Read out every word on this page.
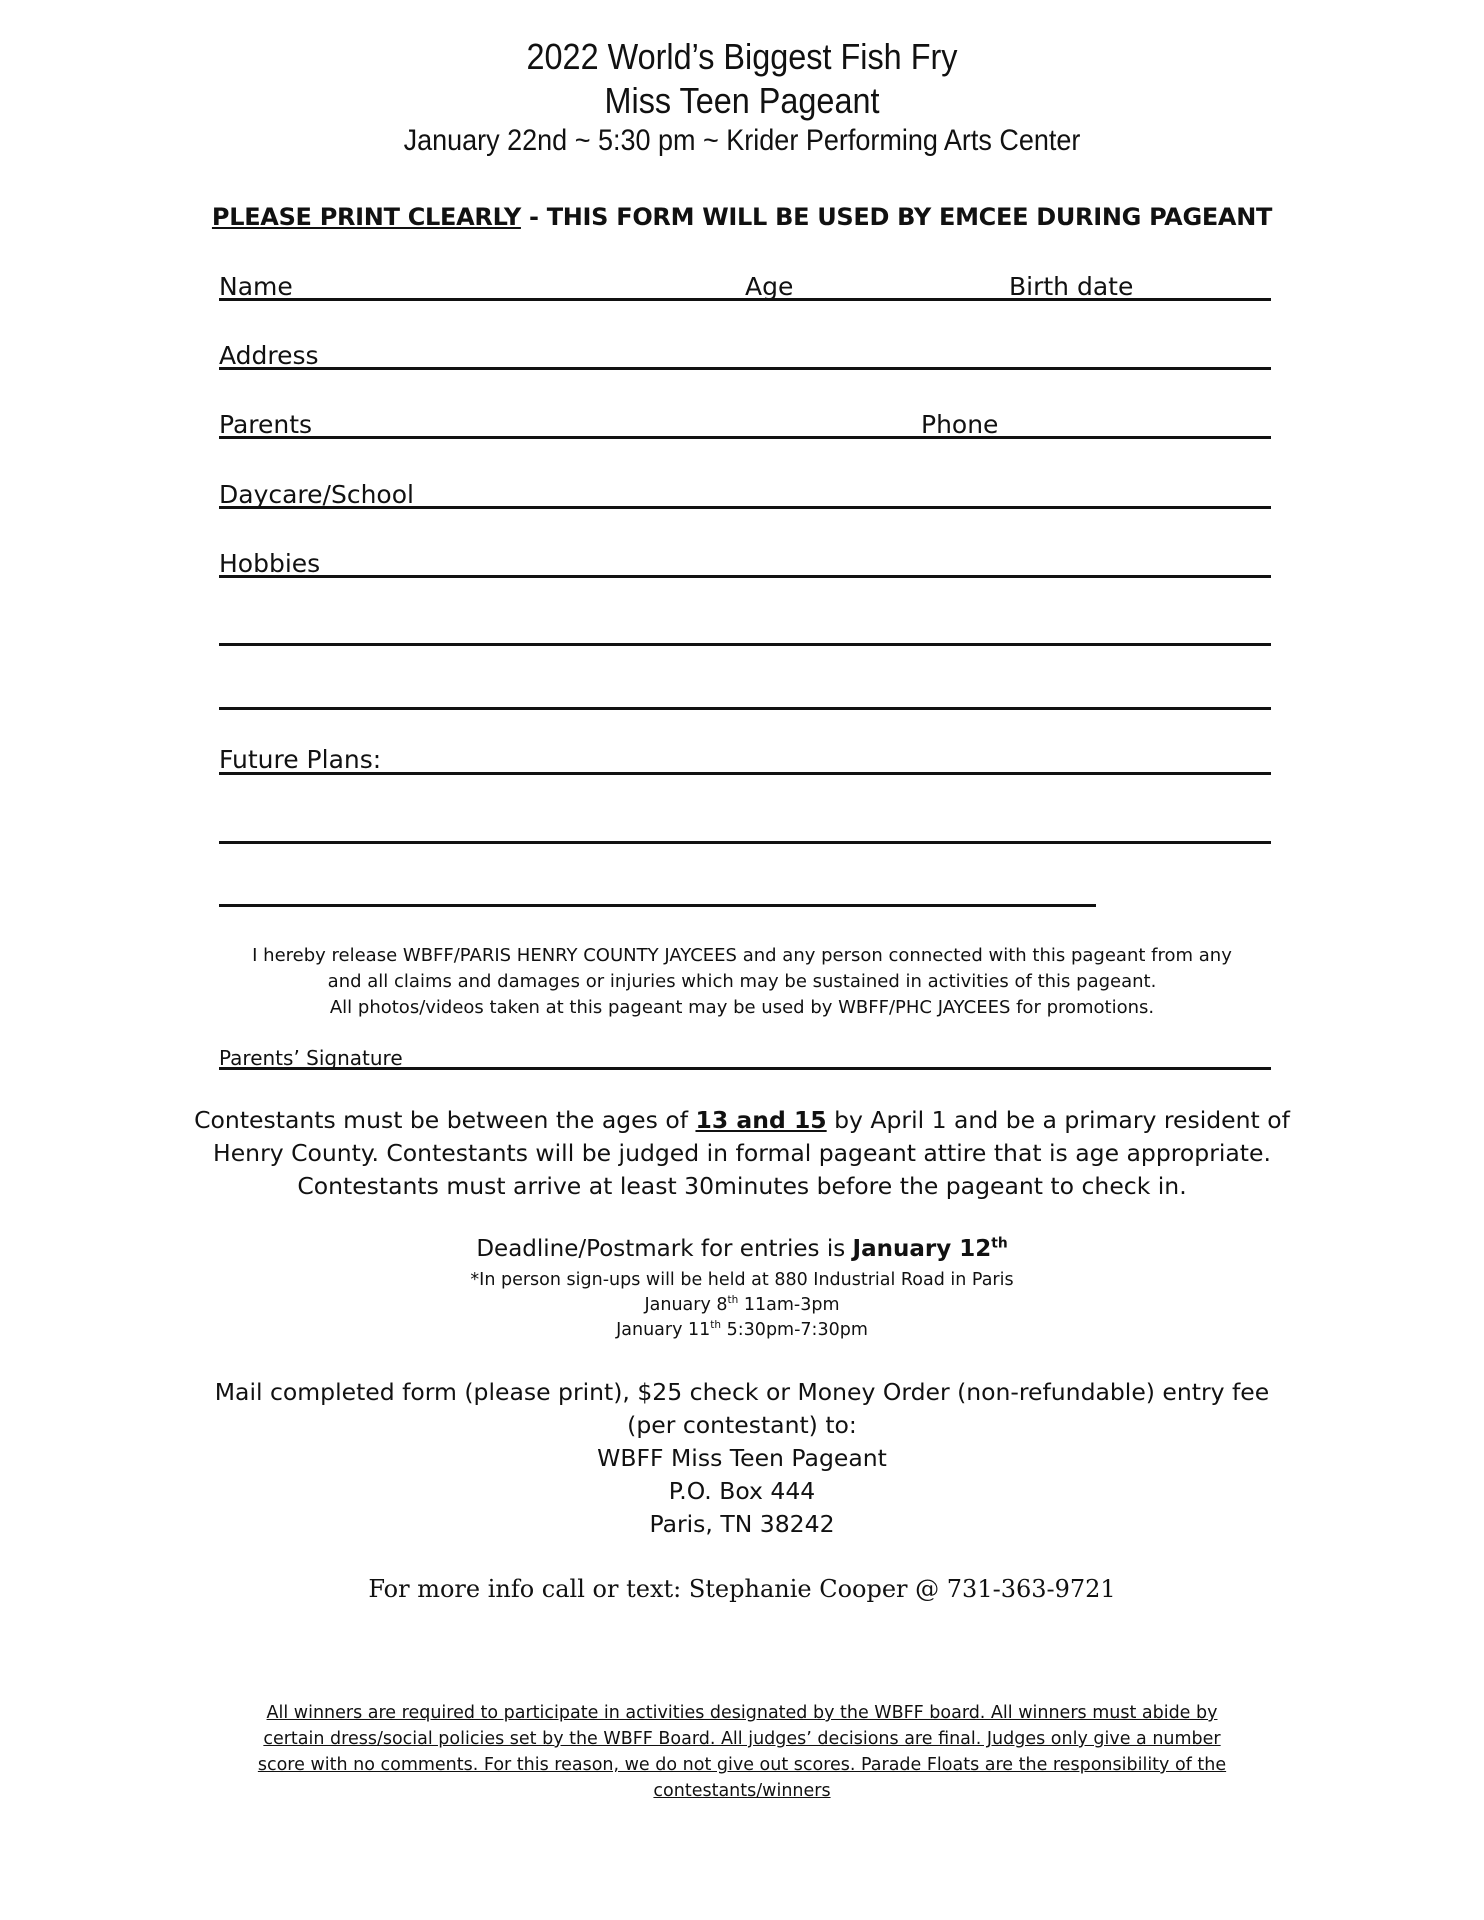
2022 World’s Biggest Fish Fry
Miss Teen Pageant
January 22nd ~ 5:30 pm ~ Krider Performing Arts Center
PLEASE PRINT CLEARLY - THIS FORM WILL BE USED BY EMCEE DURING PAGEANT
Name	Age	Birth date
Address
Parents	Phone
Daycare/School
Hobbies
Future Plans:
I hereby release WBFF/PARIS HENRY COUNTY JAYCEES and any person connected with this pageant from any
and all claims and damages or injuries which may be sustained in activities of this pageant.
All photos/videos taken at this pageant may be used by WBFF/PHC JAYCEES for promotions.
Parents’ Signature
Contestants must be between the ages of 13 and 15 by April 1 and be a primary resident of
Henry County. Contestants will be judged in formal pageant attire that is age appropriate.
Contestants must arrive at least 30minutes before the pageant to check in.
Deadline/Postmark for entries is January 12th
*In person sign-ups will be held at 880 Industrial Road in Paris
January 8th 11am-3pm
January 11th 5:30pm-7:30pm
Mail completed form (please print), $25 check or Money Order (non-refundable) entry fee
(per contestant) to:
WBFF Miss Teen Pageant
P.O. Box 444
Paris, TN 38242
For more info call or text: Stephanie Cooper @ 731-363-9721
All winners are required to participate in activities designated by the WBFF board. All winners must abide by
certain dress/social policies set by the WBFF Board. All judges’ decisions are final. Judges only give a number
score with no comments. For this reason, we do not give out scores. Parade Floats are the responsibility of the
contestants/winners
